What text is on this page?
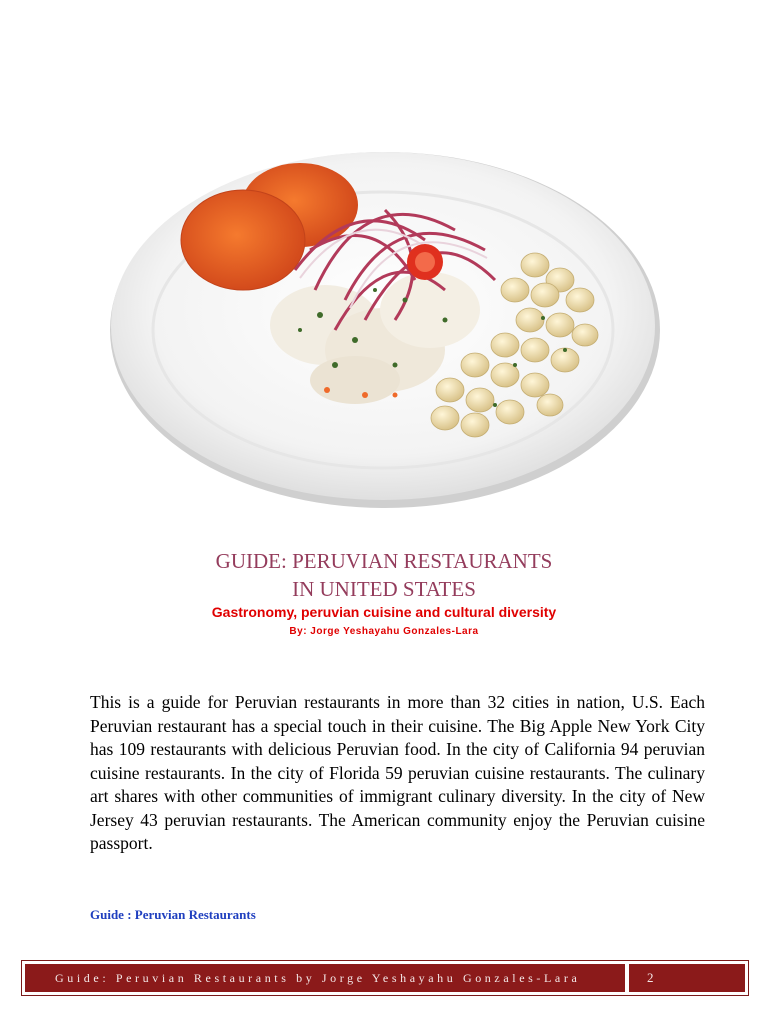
GUIDE: PERUVIAN RESTAURANTS
IN UNITED STATES
Gastronomy, peruvian cuisine and cultural diversity
By: Jorge Yeshayahu Gonzales-Lara

This is a guide for Peruvian restaurants in more than 32 cities in nation, U.S. Each Peruvian restaurant has a special touch in their cuisine. The Big Apple New York City has 109 restaurants with delicious Peruvian food. In the city of California 94 peruvian cuisine restaurants. In the city of Florida 59 peruvian cuisine restaurants. The culinary art shares with other communities of immigrant culinary diversity. In the city of New Jersey 43 peruvian restaurants. The American community enjoy the Peruvian cuisine passport.

Guide : Peruvian Restaurants
Guide: Peruvian Restaurants by Jorge Yeshayahu Gonzales-Lara	2
